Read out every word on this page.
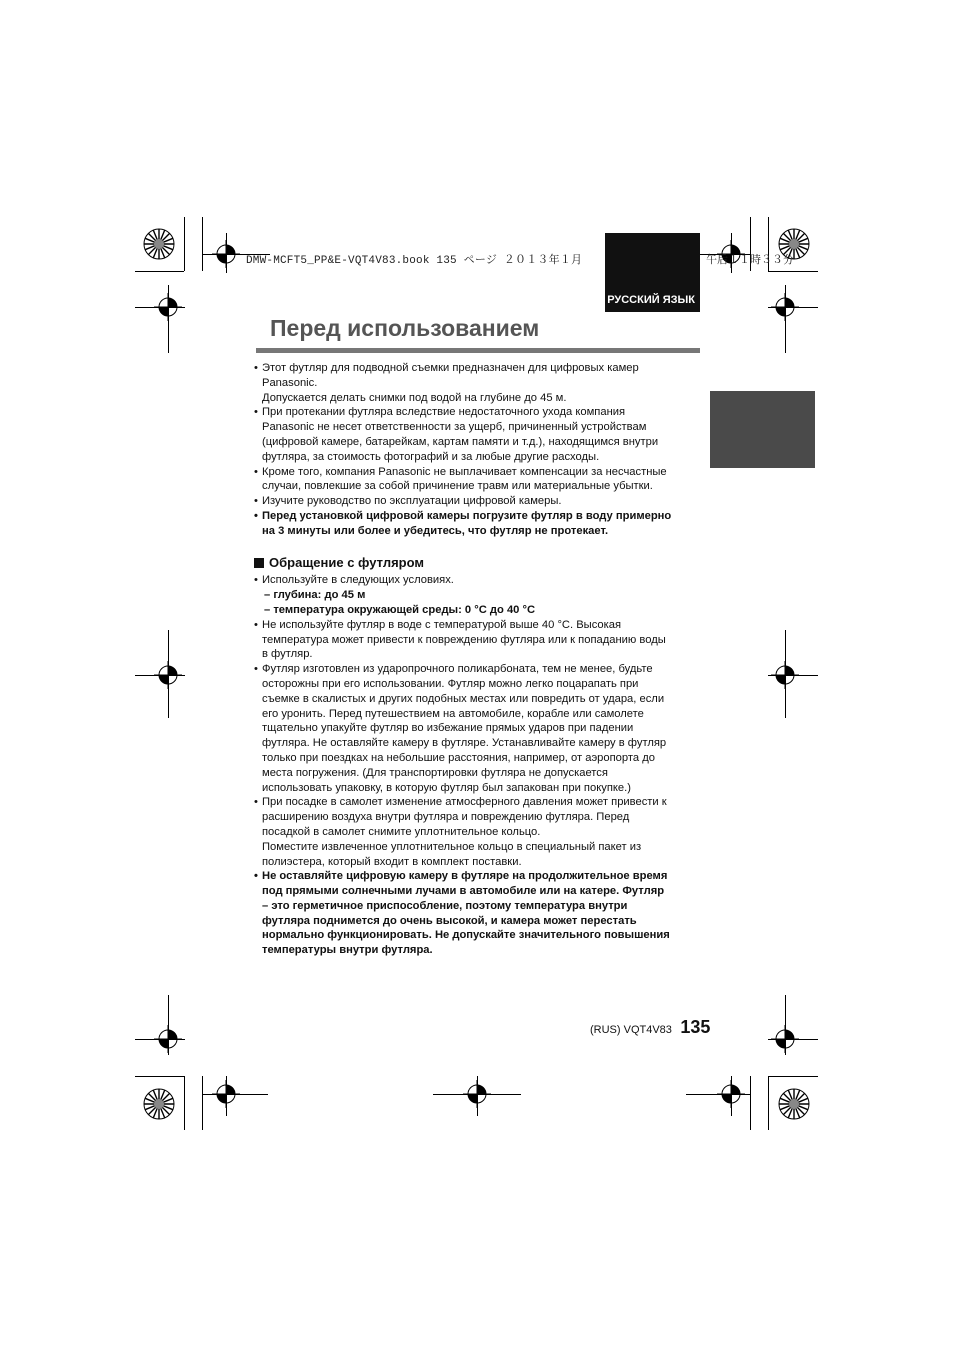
DMW-MCFT5_PP&E-VQT4V83.book 135 ページ ２０１３年１月	午后１１時３３分
РУССКИЙ ЯЗЫК
Перед использованием
• Этот футляр для подводной съемки предназначен для цифровых камер
Panasonic.
Допускается делать снимки под водой на глубине до 45 м.
• При протекании футляра вследствие недостаточного ухода компания
Panasonic не несет ответственности за ущерб, причиненный устройствам
(цифровой камере, батарейкам, картам памяти и т.д.), находящимся внутри
футляра, за стоимость фотографий и за любые другие расходы.
• Кроме того, компания Panasonic не выплачивает компенсации за несчастные
случаи, повлекшие за собой причинение травм или материальные убытки.
• Изучите руководство по эксплуатации цифровой камеры.
• Перед установкой цифровой камеры погрузите футляр в воду примерно
на 3 минуты или более и убедитесь, что футляр не протекает.
Обращение с футляром
• Используйте в следующих условиях.
– глубина: до 45 м
– температура окружающей среды: 0 °C до 40 °C
• Не используйте футляр в воде с температурой выше 40 °C. Высокая
температура может привести к повреждению футляра или к попаданию воды
в футляр.
• Футляр изготовлен из ударопрочного поликарбоната, тем не менее, будьте
осторожны при его использовании. Футляр можно легко поцарапать при
съемке в скалистых и других подобных местах или повредить от удара, если
его уронить. Перед путешествием на автомобиле, корабле или самолете
тщательно упакуйте футляр во избежание прямых ударов при падении
футляра. Не оставляйте камеру в футляре. Устанавливайте камеру в футляр
только при поездках на небольшие расстояния, например, от аэропорта до
места погружения. (Для транспортировки футляра не допускается
использовать упаковку, в которую футляр был запакован при покупке.)
• При посадке в самолет изменение атмосферного давления может привести к
расширению воздуха внутри футляра и повреждению футляра. Перед
посадкой в самолет снимите уплотнительное кольцо.
Поместите извлеченное уплотнительное кольцо в специальный пакет из
полиэстера, который входит в комплект поставки.
• Не оставляйте цифровую камеру в футляре на продолжительное время
под прямыми солнечными лучами в автомобиле или на катере. Футляр
– это герметичное приспособление, поэтому температура внутри
футляра поднимется до очень высокой, и камера может перестать
нормально функционировать. Не допускайте значительного повышения
температуры внутри футляра.
(RUS) VQT4V83 135
